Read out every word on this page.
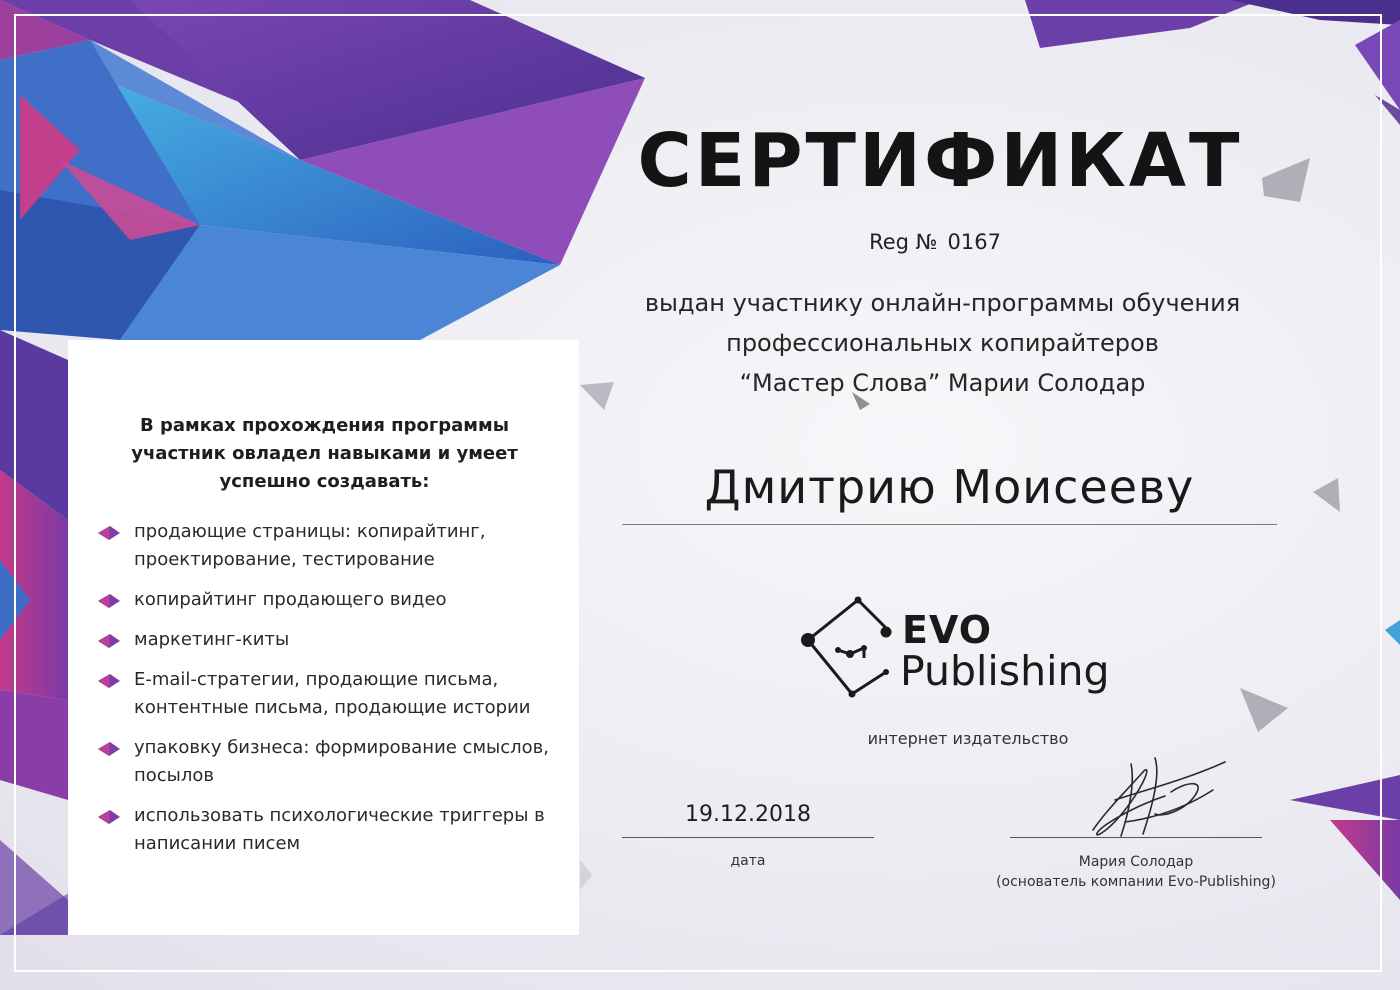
В рамках прохождения программы участник овладел навыками и умеет успешно создавать:

продающие страницы: копирайтинг, проектирование, тестирование
копирайтинг продающего видео
маркетинг-киты
E-mail-стратегии, продающие письма, контентные письма, продающие истории
упаковку бизнеса: формирование смыслов, посылов
использовать психологические триггеры в написании писем
СЕРТИФИКАТ
Reg № 0167
выдан участнику онлайн-программы обучения
профессиональных копирайтеров
“Мастер Слова” Марии Солодар
Дмитрию Моисееву
EVO
Publishing
интернет издательство
19.12.2018
дата	Мария Солодар
(основатель компании Evo-Publishing)
